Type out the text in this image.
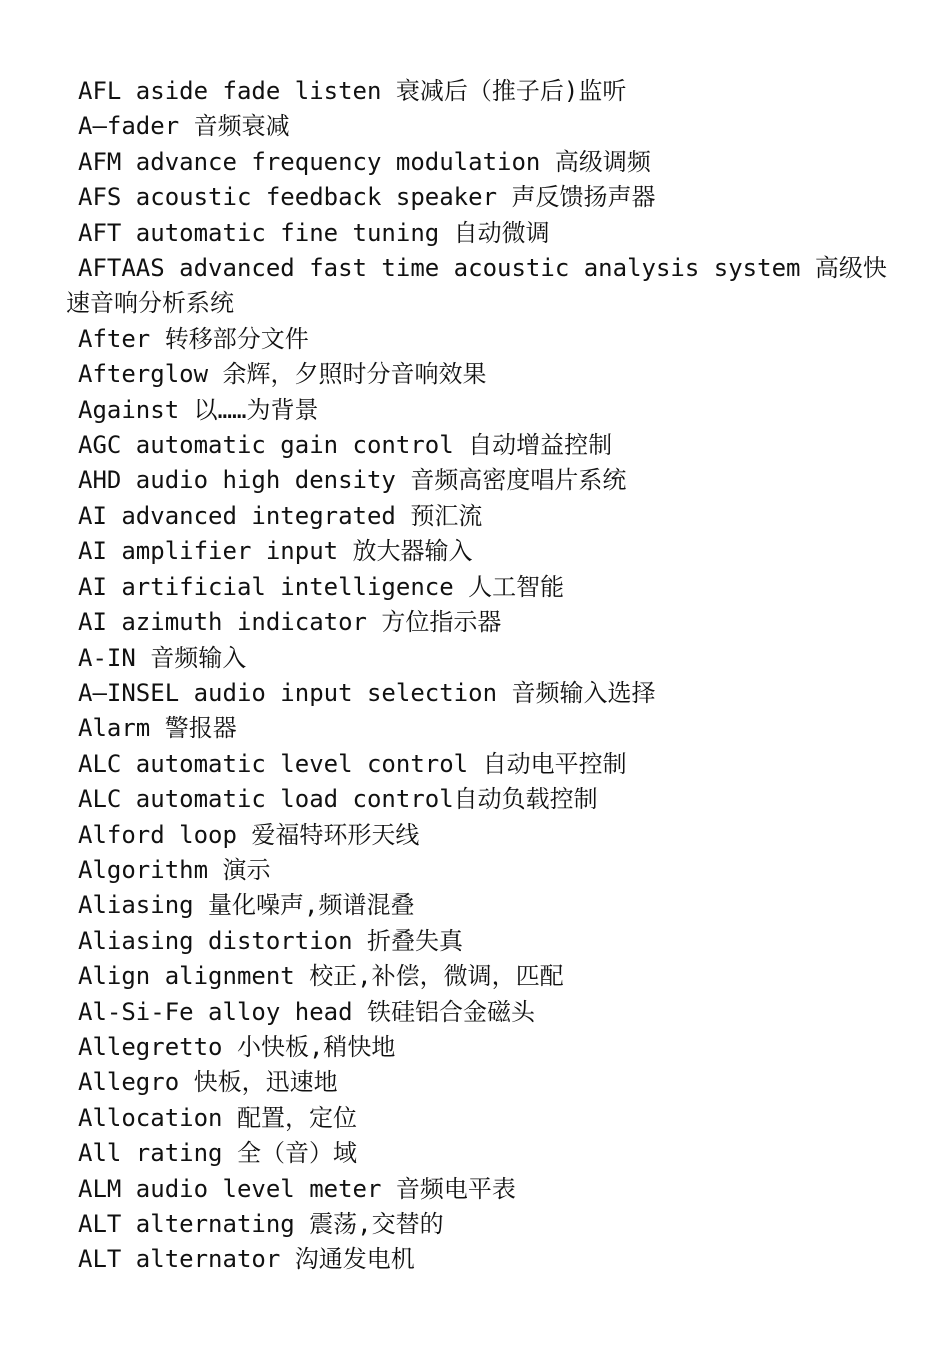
AFL aside fade listen 衰减后（推子后)监听
A—fader 音频衰减
AFM advance frequency modulation 高级调频
AFS acoustic feedback speaker 声反馈扬声器
AFT automatic fine tuning 自动微调
AFTAAS advanced fast time acoustic analysis system 高级快速音响分析系统
After 转移部分文件
Afterglow 余辉，夕照时分音响效果
Against 以……为背景
AGC automatic gain control 自动增益控制
AHD audio high density 音频高密度唱片系统
AI advanced integrated 预汇流
AI amplifier input 放大器输入
AI artificial intelligence 人工智能
AI azimuth indicator 方位指示器
A-IN 音频输入
A—INSEL audio input selection 音频输入选择
Alarm 警报器
ALC automatic level control 自动电平控制
ALC automatic load control自动负载控制
Alford loop 爱福特环形天线
Algorithm 演示
Aliasing 量化噪声,频谱混叠
Aliasing distortion 折叠失真
Align alignment 校正,补偿，微调，匹配
Al-Si-Fe alloy head 铁硅铝合金磁头
Allegretto 小快板,稍快地
Allegro 快板，迅速地
Allocation 配置，定位
All rating 全（音）域
ALM audio level meter 音频电平表
ALT alternating 震荡,交替的
ALT alternator 沟通发电机
